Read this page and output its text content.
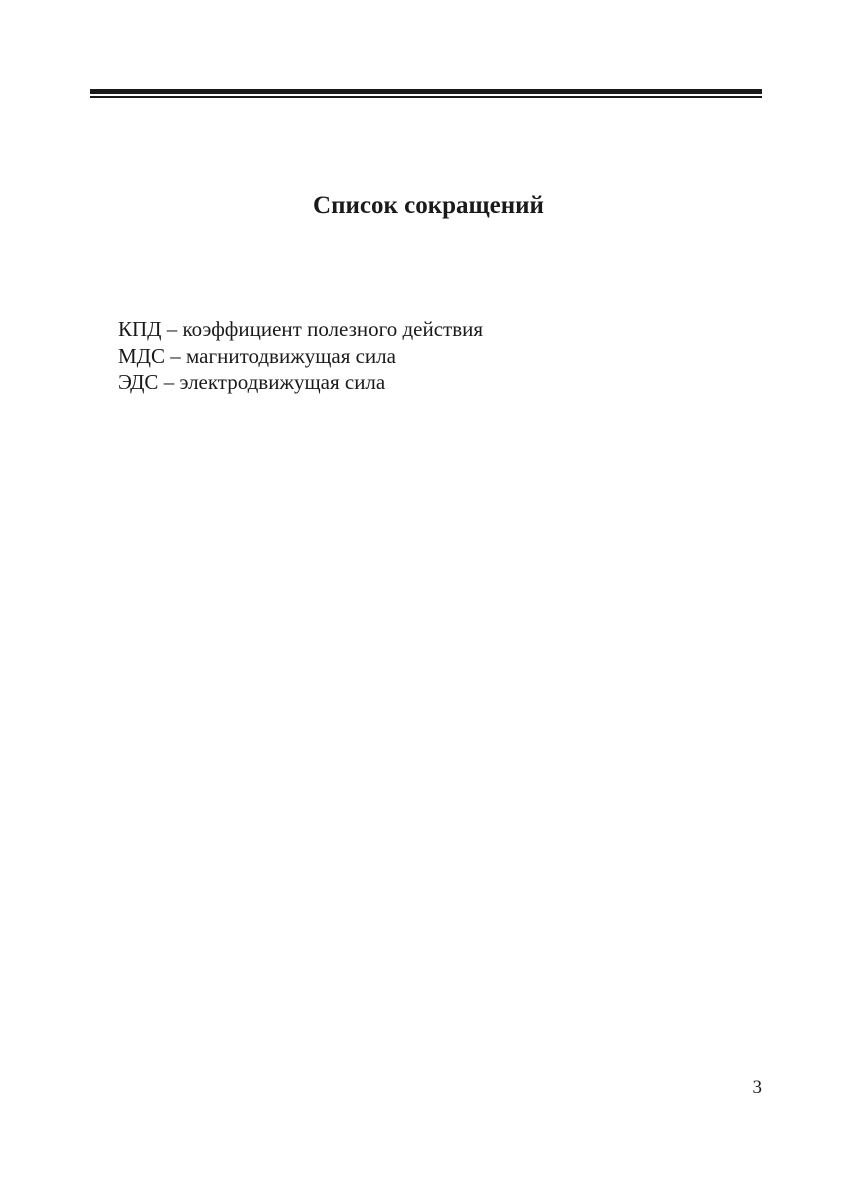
Список сокращений
КПД – коэффициент полезного действия
МДС – магнитодвижущая сила
ЭДС – электродвижущая сила
3
